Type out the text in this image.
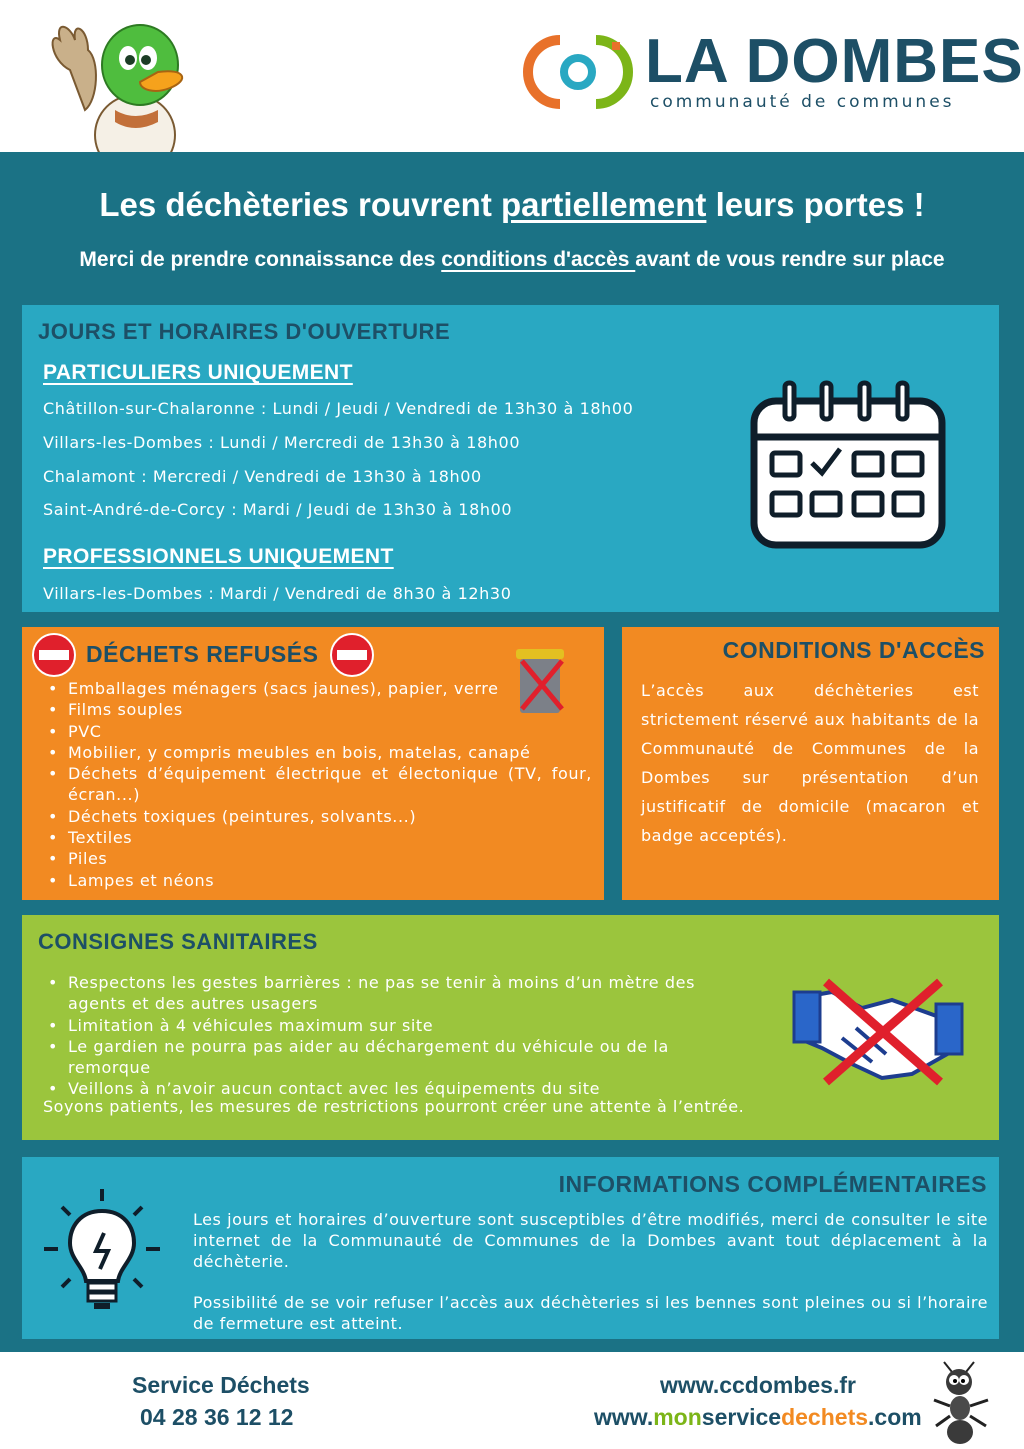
LA DOMBES
communauté de communes
Les déchèteries rouvrent partiellement leurs portes !
Merci de prendre connaissance des conditions d'accès avant de vous rendre sur place
JOURS ET HORAIRES D'OUVERTURE
PARTICULIERS UNIQUEMENT
Châtillon-sur-Chalaronne : Lundi / Jeudi / Vendredi de 13h30 à 18h00
Villars-les-Dombes : Lundi / Mercredi de 13h30 à 18h00
Chalamont : Mercredi / Vendredi de 13h30 à 18h00
Saint-André-de-Corcy : Mardi / Jeudi de 13h30 à 18h00
PROFESSIONNELS UNIQUEMENT
Villars-les-Dombes : Mardi / Vendredi de 8h30 à 12h30
DÉCHETS REFUSÉS
• Emballages ménagers (sacs jaunes), papier, verre
• Films souples
• PVC
• Mobilier, y compris meubles en bois, matelas, canapé
• Déchets d’équipement électrique et électonique (TV, four, écran...)
• Déchets toxiques (peintures, solvants...)
• Textiles
• Piles
• Lampes et néons
CONDITIONS D'ACCÈS
L’accès aux déchèteries est strictement réservé aux habitants de la Communauté de Communes de la Dombes sur présentation d’un justificatif de domicile (macaron et badge acceptés).
CONSIGNES SANITAIRES
• Respectons les gestes barrières : ne pas se tenir à moins d’un mètre des agents et des autres usagers
• Limitation à 4 véhicules maximum sur site
• Le gardien ne pourra pas aider au déchargement du véhicule ou de la remorque
• Veillons à n’avoir aucun contact avec les équipements du site
Soyons patients, les mesures de restrictions pourront créer une attente à l’entrée.
INFORMATIONS COMPLÉMENTAIRES
Les jours et horaires d’ouverture sont susceptibles d’être modifiés, merci de consulter le site internet de la Communauté de Communes de la Dombes avant tout déplacement à la déchèterie.
Possibilité de se voir refuser l’accès aux déchèteries si les bennes sont pleines ou si l’horaire de fermeture est atteint.
Service Déchets
04 28 36 12 12
www.ccdombes.fr
www.monservicedechets.com
